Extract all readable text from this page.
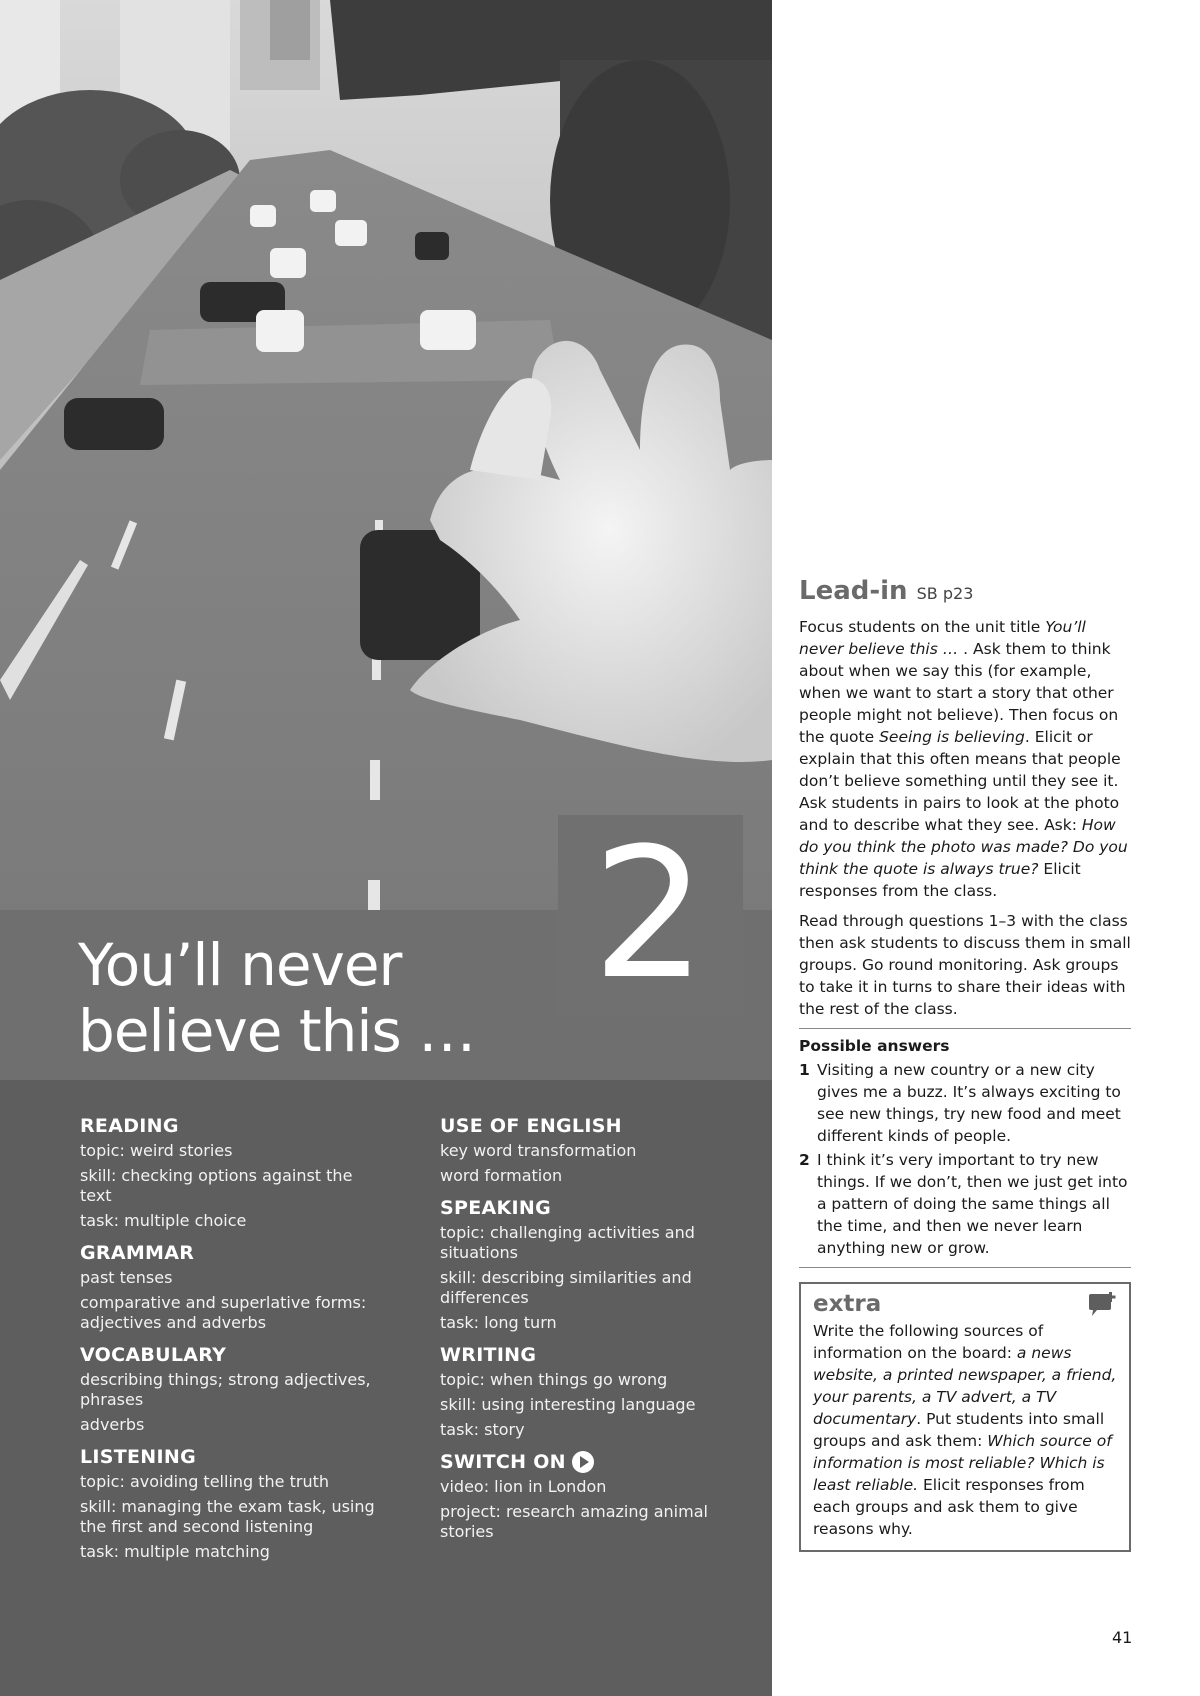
2
You’ll never
believe this …
READING
topic: weird stories
skill: checking options against the text
task: multiple choice
GRAMMAR
past tenses
comparative and superlative forms: adjectives and adverbs
VOCABULARY
describing things; strong adjectives, phrases
adverbs
LISTENING
topic: avoiding telling the truth
skill: managing the exam task, using the first and second listening
task: multiple matching
USE OF ENGLISH
key word transformation
word formation
SPEAKING
topic: challenging activities and situations
skill: describing similarities and differences
task: long turn
WRITING
topic: when things go wrong
skill: using interesting language
task: story
SWITCH ON
video: lion in London
project: research amazing animal stories
Lead-in SB p23

Focus students on the unit title You’ll never believe this … . Ask them to think about when we say this (for example, when we want to start a story that other people might not believe). Then focus on the quote Seeing is believing. Elicit or explain that this often means that people don’t believe something until they see it. Ask students in pairs to look at the photo and to describe what they see. Ask: How do you think the photo was made? Do you think the quote is always true? Elicit responses from the class.

Read through questions 1–3 with the class then ask students to discuss them in small groups. Go round monitoring. Ask groups to take it in turns to share their ideas with the rest of the class.

Possible answers
1 Visiting a new country or a new city gives me a buzz. It’s always exciting to see new things, try new food and meet different kinds of people.
2 I think it’s very important to try new things. If we don’t, then we just get into a pattern of doing the same things all the time, and then we never learn anything new or grow.
extra

Write the following sources of information on the board: a news website, a printed newspaper, a friend, your parents, a TV advert, a TV documentary. Put students into small groups and ask them: Which source of information is most reliable? Which is least reliable. Elicit responses from each groups and ask them to give reasons why.

41
